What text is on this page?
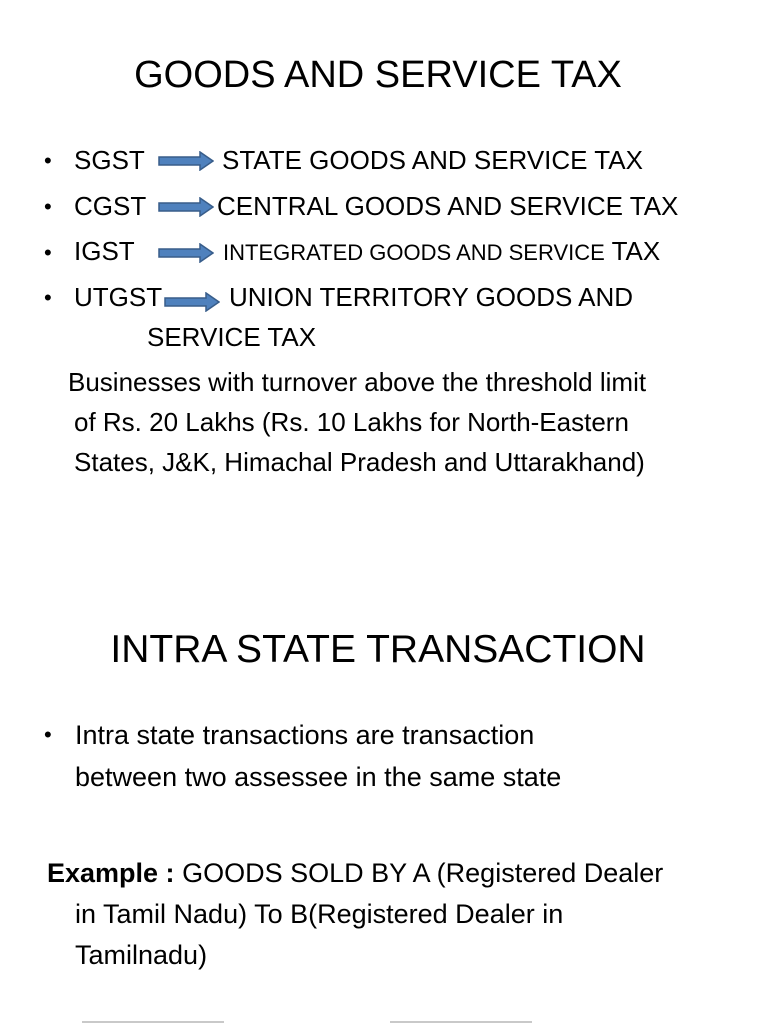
GOODS AND SERVICE TAX
• SGST	STATE GOODS AND SERVICE TAX
• CGST	CENTRAL GOODS AND SERVICE TAX
• IGST	INTEGRATED GOODS AND SERVICE TAX
• UTGST	UNION TERRITORY GOODS AND
SERVICE TAX
Businesses with turnover above the threshold limit
of Rs. 20 Lakhs (Rs. 10 Lakhs for North-Eastern
States, J&K, Himachal Pradesh and Uttarakhand)
INTRA STATE TRANSACTION
• Intra state transactions are transaction
between two assessee in the same state
Example : GOODS SOLD BY A (Registered Dealer
in Tamil Nadu) To B(Registered Dealer in
Tamilnadu)
